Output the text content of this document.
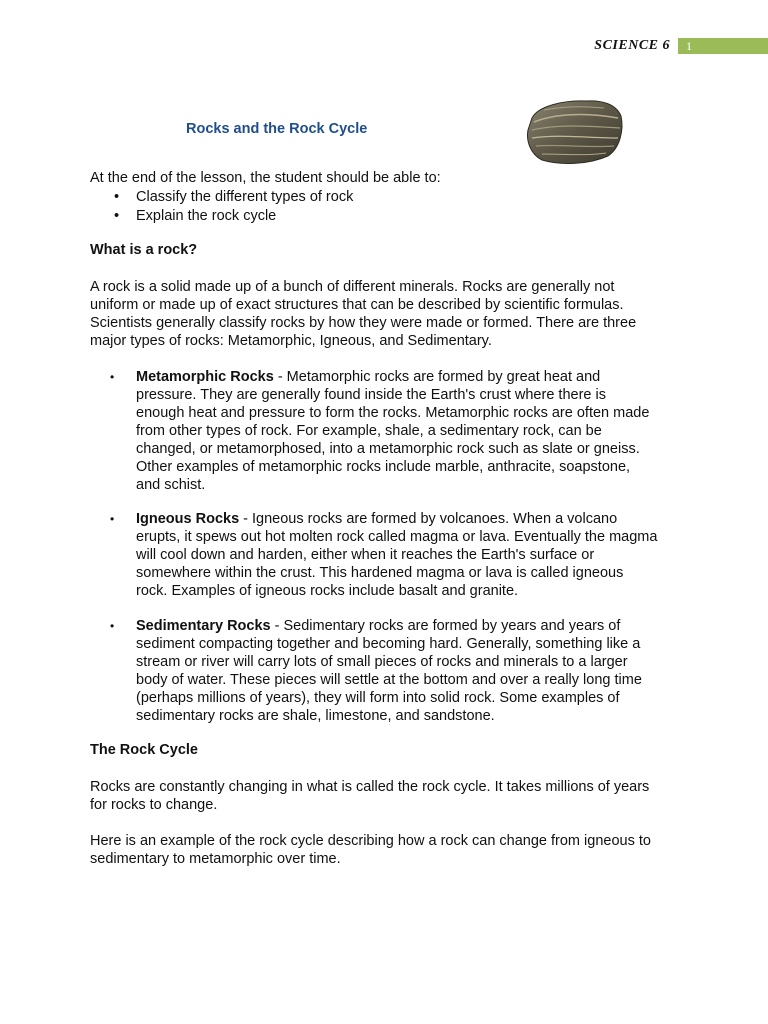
SCIENCE 6 1
Rocks and the Rock Cycle
At the end of the lesson, the student should be able to:
• Classify the different types of rock
• Explain the rock cycle
What is a rock?
A rock is a solid made up of a bunch of different minerals. Rocks are generally not
uniform or made up of exact structures that can be described by scientific formulas.
Scientists generally classify rocks by how they were made or formed. There are three
major types of rocks: Metamorphic, Igneous, and Sedimentary.
• Metamorphic Rocks - Metamorphic rocks are formed by great heat and
pressure. They are generally found inside the Earth's crust where there is
enough heat and pressure to form the rocks. Metamorphic rocks are often made
from other types of rock. For example, shale, a sedimentary rock, can be
changed, or metamorphosed, into a metamorphic rock such as slate or gneiss.
Other examples of metamorphic rocks include marble, anthracite, soapstone,
and schist.
• Igneous Rocks - Igneous rocks are formed by volcanoes. When a volcano
erupts, it spews out hot molten rock called magma or lava. Eventually the magma
will cool down and harden, either when it reaches the Earth's surface or
somewhere within the crust. This hardened magma or lava is called igneous
rock. Examples of igneous rocks include basalt and granite.
• Sedimentary Rocks - Sedimentary rocks are formed by years and years of
sediment compacting together and becoming hard. Generally, something like a
stream or river will carry lots of small pieces of rocks and minerals to a larger
body of water. These pieces will settle at the bottom and over a really long time
(perhaps millions of years), they will form into solid rock. Some examples of
sedimentary rocks are shale, limestone, and sandstone.
The Rock Cycle
Rocks are constantly changing in what is called the rock cycle. It takes millions of years
for rocks to change.
Here is an example of the rock cycle describing how a rock can change from igneous to
sedimentary to metamorphic over time.
